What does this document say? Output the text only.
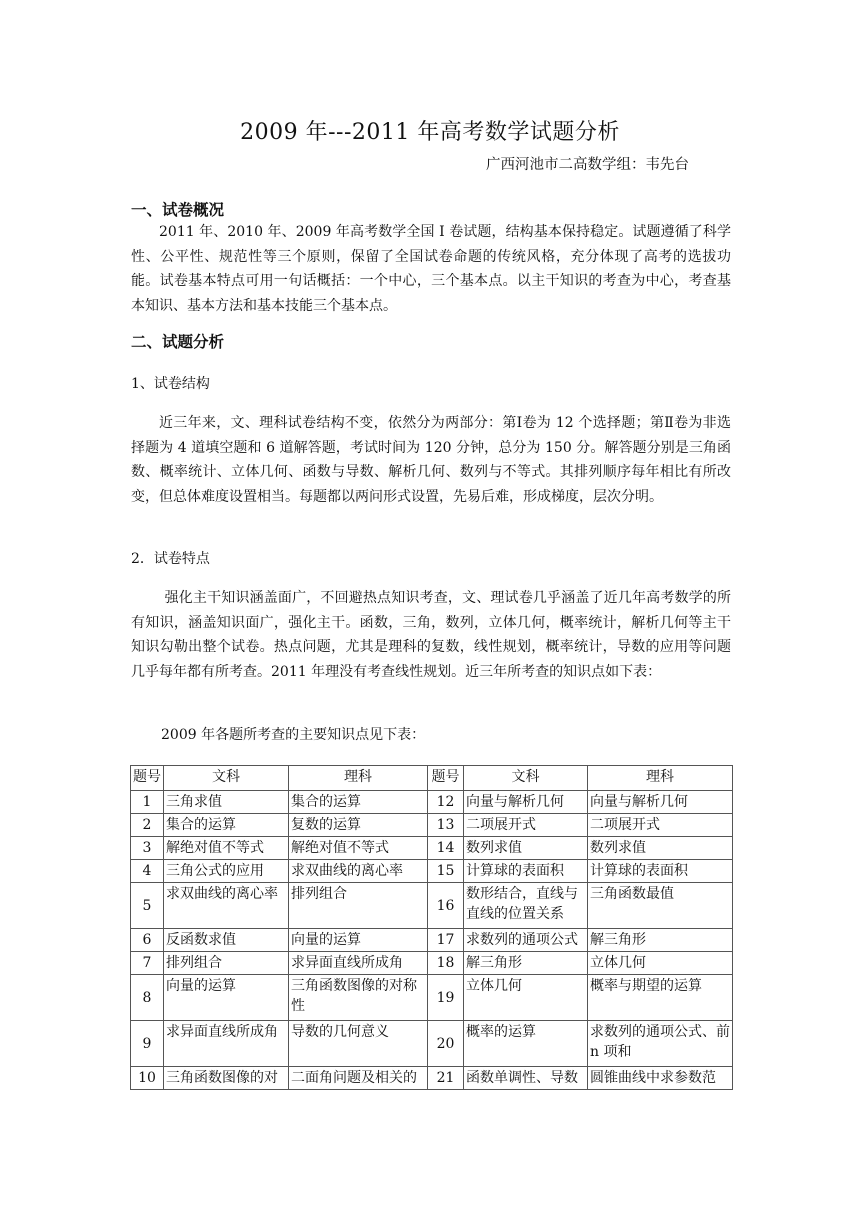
2009 年---2011 年高考数学试题分析
广西河池市二高数学组：韦先台
一、试卷概况
2011 年、2010 年、2009 年高考数学全国 I 卷试题，结构基本保持稳定。试题遵循了科学性、公平性、规范性等三个原则，保留了全国试卷命题的传统风格，充分体现了高考的选拔功能。试卷基本特点可用一句话概括：一个中心，三个基本点。以主干知识的考查为中心，考查基本知识、基本方法和基本技能三个基本点。
二、试题分析
1、试卷结构
近三年来，文、理科试卷结构不变，依然分为两部分：第Ⅰ卷为 12 个选择题；第Ⅱ卷为非选择题为 4 道填空题和 6 道解答题，考试时间为 120 分钟，总分为 150 分。解答题分别是三角函数、概率统计、立体几何、函数与导数、解析几何、数列与不等式。其排列顺序每年相比有所改变，但总体难度设置相当。每题都以两问形式设置，先易后难，形成梯度，层次分明。
2．试卷特点
强化主干知识涵盖面广，不回避热点知识考查，文、理试卷几乎涵盖了近几年高考数学的所有知识，涵盖知识面广，强化主干。函数，三角，数列，立体几何，概率统计，解析几何等主干知识勾勒出整个试卷。热点问题，尤其是理科的复数，线性规划，概率统计，导数的应用等问题几乎每年都有所考查。2011 年理没有考查线性规划。近三年所考查的知识点如下表：
2009 年各题所考查的主要知识点见下表：
题号	文科	理科	题号	文科	理科
1	三角求值	集合的运算	12	向量与解析几何	向量与解析几何
2	集合的运算	复数的运算	13	二项展开式	二项展开式
3	解绝对值不等式	解绝对值不等式	14	数列求值	数列求值
4	三角公式的应用	求双曲线的离心率	15	计算球的表面积	计算球的表面积
5	求双曲线的离心率	排列组合	16	数形结合，直线与直线的位置关系	三角函数最值
6	反函数求值	向量的运算	17	求数列的通项公式	解三角形
7	排列组合	求异面直线所成角	18	解三角形	立体几何
8	向量的运算	三角函数图像的对称性	19	立体几何	概率与期望的运算
9	求异面直线所成角	导数的几何意义	20	概率的运算	求数列的通项公式、前 n 项和
10	三角函数图像的对	二面角问题及相关的	21	函数单调性、导数	圆锥曲线中求参数范
